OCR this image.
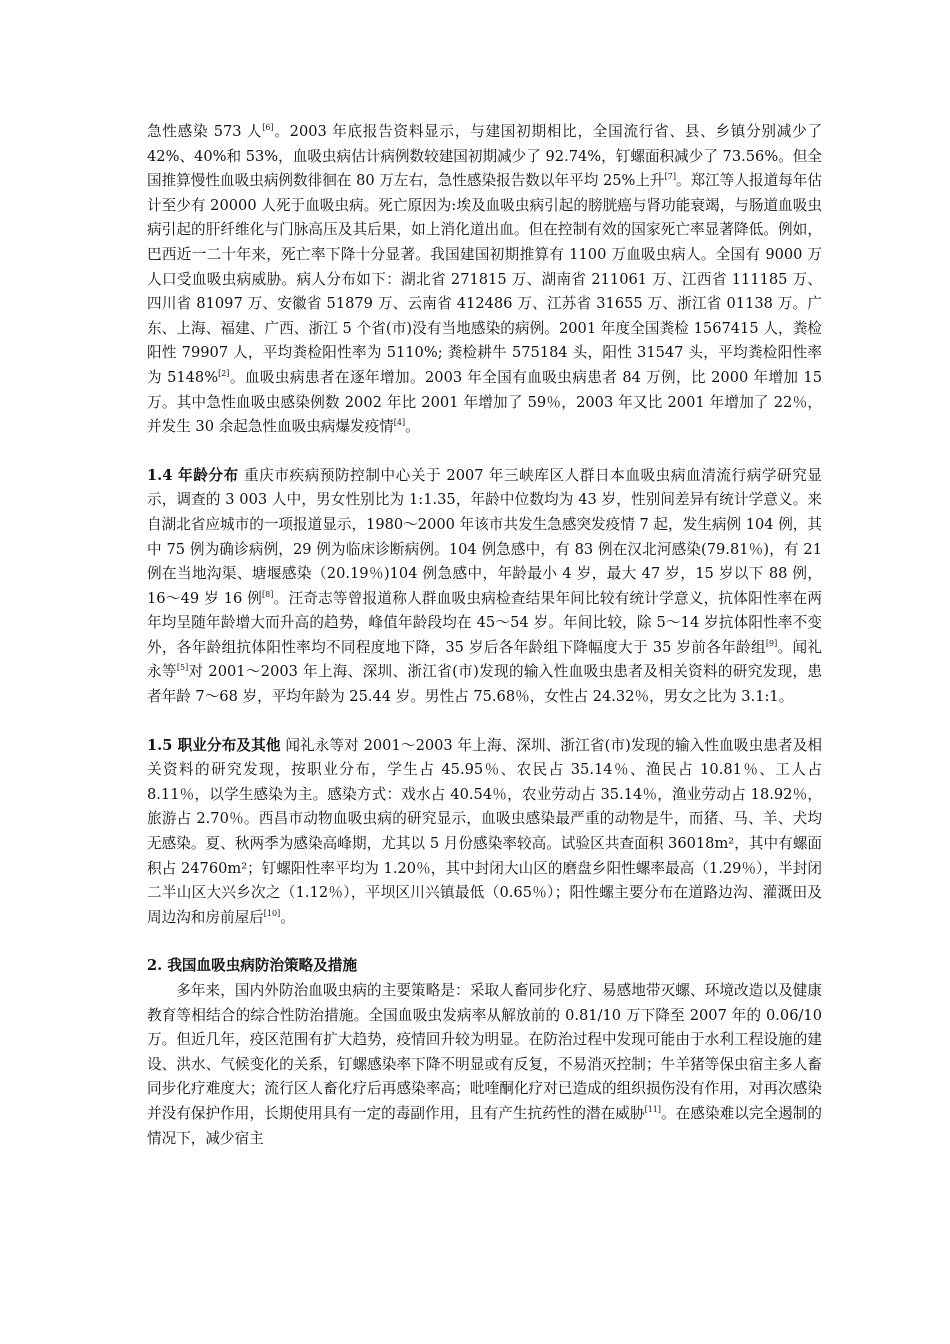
急性感染 573 人[6]。2003 年底报告资料显示，与建国初期相比，全国流行省、县、乡镇分别减少了 42%、40%和 53%，血吸虫病估计病例数较建国初期减少了 92.74%，钉螺面积减少了 73.56%。但全国推算慢性血吸虫病例数徘徊在 80 万左右，急性感染报告数以年平均 25%上升[7]。郑江等人报道每年估计至少有 20000 人死于血吸虫病。死亡原因为:埃及血吸虫病引起的膀胱癌与肾功能衰竭，与肠道血吸虫病引起的肝纤维化与门脉高压及其后果，如上消化道出血。但在控制有效的国家死亡率显著降低。例如，巴西近一二十年来，死亡率下降十分显著。我国建国初期推算有 1100 万血吸虫病人。全国有 9000 万人口受血吸虫病威胁。病人分布如下：湖北省 271815 万、湖南省 211061 万、江西省 111185 万、四川省 81097 万、安徽省 51879 万、云南省 412486 万、江苏省 31655 万、浙江省 01138 万。广东、上海、福建、广西、浙江 5 个省(市)没有当地感染的病例。2001 年度全国粪检 1567415 人，粪检阳性 79907 人，平均粪检阳性率为 5110%; 粪检耕牛 575184 头，阳性 31547 头，平均粪检阳性率为 5148%[2]。血吸虫病患者在逐年增加。2003 年全国有血吸虫病患者 84 万例，比 2000 年增加 15 万。其中急性血吸虫感染例数 2002 年比 2001 年增加了 59％，2003 年又比 2001 年增加了 22％，并发生 30 余起急性血吸虫病爆发疫情[4]。

1.4 年龄分布 重庆市疾病预防控制中心关于 2007 年三峡库区人群日本血吸虫病血清流行病学研究显示，调查的 3 003 人中，男女性别比为 1:1.35，年龄中位数均为 43 岁，性别间差异有统计学意义。来自湖北省应城市的一项报道显示，1980～2000 年该市共发生急感突发疫情 7 起，发生病例 104 例，其中 75 例为确诊病例，29 例为临床诊断病例。104 例急感中，有 83 例在汉北河感染(79.81％)，有 21 例在当地沟渠、塘堰感染（20.19％)104 例急感中，年龄最小 4 岁，最大 47 岁，15 岁以下 88 例，16～49 岁 16 例[8]。汪奇志等曾报道称人群血吸虫病检查结果年间比较有统计学意义，抗体阳性率在两年均呈随年龄增大而升高的趋势，峰值年龄段均在 45～54 岁。年间比较，除 5～14 岁抗体阳性率不变外，各年龄组抗体阳性率均不同程度地下降，35 岁后各年龄组下降幅度大于 35 岁前各年龄组[9]。闻礼永等[5]对 2001～2003 年上海、深圳、浙江省(市)发现的输入性血吸虫患者及相关资料的研究发现，患者年龄 7～68 岁，平均年龄为 25.44 岁。男性占 75.68％，女性占 24.32％，男女之比为 3.1:1。

1.5 职业分布及其他 闻礼永等对 2001～2003 年上海、深圳、浙江省(市)发现的输入性血吸虫患者及相关资料的研究发现，按职业分布，学生占 45.95％、农民占 35.14％、渔民占 10.81％、工人占 8.11％，以学生感染为主。感染方式：戏水占 40.54％，农业劳动占 35.14％，渔业劳动占 18.92％，旅游占 2.70％。西昌市动物血吸虫病的研究显示，血吸虫感染最严重的动物是牛，而猪、马、羊、犬均无感染。夏、秋两季为感染高峰期，尤其以 5 月份感染率较高。试验区共查面积 36018m²，其中有螺面积占 24760m²；钉螺阳性率平均为 1.20％，其中封闭大山区的磨盘乡阳性螺率最高（1.29％），半封闭二半山区大兴乡次之（1.12％），平坝区川兴镇最低（0.65％）；阳性螺主要分布在道路边沟、灌溉田及周边沟和房前屋后[10]。

2. 我国血吸虫病防治策略及措施

多年来，国内外防治血吸虫病的主要策略是：采取人畜同步化疗、易感地带灭螺、环境改造以及健康教育等相结合的综合性防治措施。全国血吸虫发病率从解放前的 0.81/10 万下降至 2007 年的 0.06/10 万。但近几年，疫区范围有扩大趋势，疫情回升较为明显。在防治过程中发现可能由于水利工程设施的建设、洪水、气候变化的关系，钉螺感染率下降不明显或有反复，不易消灭控制；牛羊猪等保虫宿主多人畜同步化疗难度大；流行区人畜化疗后再感染率高；吡喹酮化疗对已造成的组织损伤没有作用，对再次感染并没有保护作用，长期使用具有一定的毒副作用，且有产生抗药性的潜在威胁[11]。在感染难以完全遏制的情况下，减少宿主
